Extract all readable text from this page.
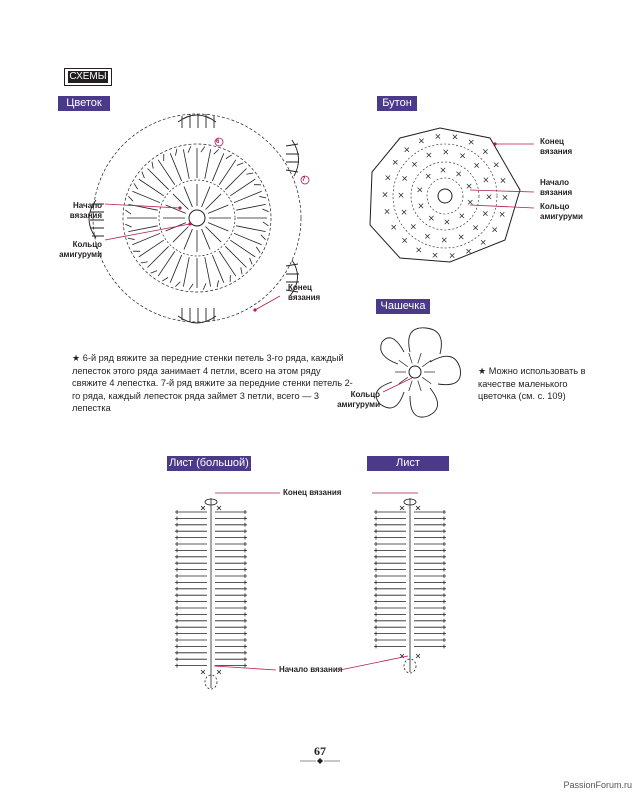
СХЕМЫ
Цветок	Бутон
Чашечка
Лист (большой)	Лист (маленький)
6
7
Начало вязания
Кольцо амигуруми
Конец вязания
★ 6-й ряд вяжите за передние стенки петель 3-го ряда, каждый лепесток этого ряда занимает 4 петли, всего на этом ряду свяжите 4 лепестка. 7-й ряд вяжите за передние стенки петель 2-го ряда, каждый лепесток ряда займет 3 петли, всего — 3 лепестка
Конец вязания
Начало вязания
Кольцо амигуруми
Кольцо амигуруми
★ Можно использовать в качестве маленького цветочка (см. с. 109)
Конец вязания
Начало вязания
67
PassionForum.ru
